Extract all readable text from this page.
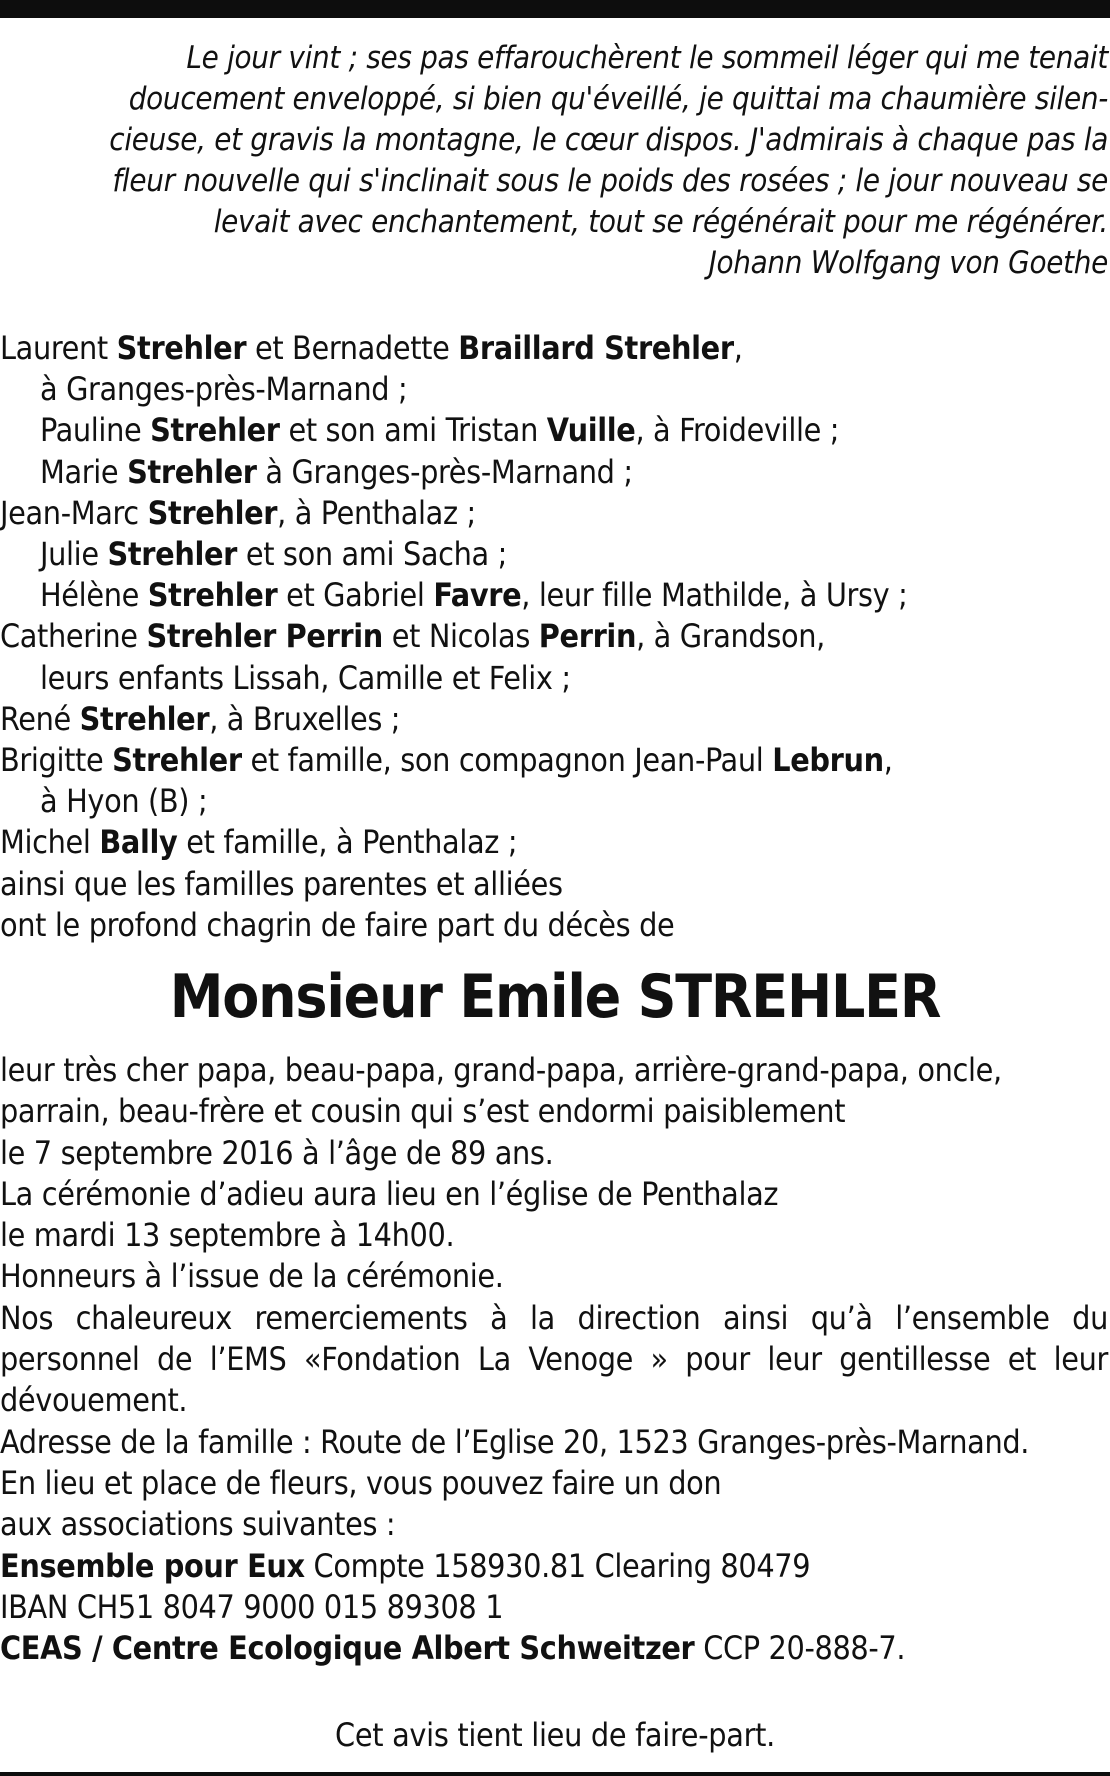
Le jour vint ; ses pas effarouchèrent le sommeil léger qui me tenait
doucement enveloppé, si bien qu'éveillé, je quittai ma chaumière silen-
cieuse, et gravis la montagne, le cœur dispos. J'admirais à chaque pas la
fleur nouvelle qui s'inclinait sous le poids des rosées ; le jour nouveau se
levait avec enchantement, tout se régénérait pour me régénérer.
Johann Wolfgang von Goethe
Laurent Strehler et Bernadette Braillard Strehler,
à Granges-près-Marnand ;
Pauline Strehler et son ami Tristan Vuille, à Froideville ;
Marie Strehler à Granges-près-Marnand ;
Jean-Marc Strehler, à Penthalaz ;
Julie Strehler et son ami Sacha ;
Hélène Strehler et Gabriel Favre, leur fille Mathilde, à Ursy ;
Catherine Strehler Perrin et Nicolas Perrin, à Grandson,
leurs enfants Lissah, Camille et Felix ;
René Strehler, à Bruxelles ;
Brigitte Strehler et famille, son compagnon Jean-Paul Lebrun,
à Hyon (B) ;
Michel Bally et famille, à Penthalaz ;
ainsi que les familles parentes et alliées
ont le profond chagrin de faire part du décès de
Monsieur Emile STREHLER
leur très cher papa, beau-papa, grand-papa, arrière-grand-papa, oncle,
parrain, beau-frère et cousin qui s’est endormi paisiblement
le 7 septembre 2016 à l’âge de 89 ans.
La cérémonie d’adieu aura lieu en l’église de Penthalaz
le mardi 13 septembre à 14h00.
Honneurs à l’issue de la cérémonie.
Nos chaleureux remerciements à la direction ainsi qu’à l’ensemble du
personnel de l’EMS «Fondation La Venoge » pour leur gentillesse et leur
dévouement.
Adresse de la famille : Route de l’Eglise 20, 1523 Granges-près-Marnand.
En lieu et place de fleurs, vous pouvez faire un don
aux associations suivantes :
Ensemble pour Eux Compte 158930.81 Clearing 80479
IBAN CH51 8047 9000 015 89308 1
CEAS / Centre Ecologique Albert Schweitzer CCP 20-888-7.
Cet avis tient lieu de faire-part.
